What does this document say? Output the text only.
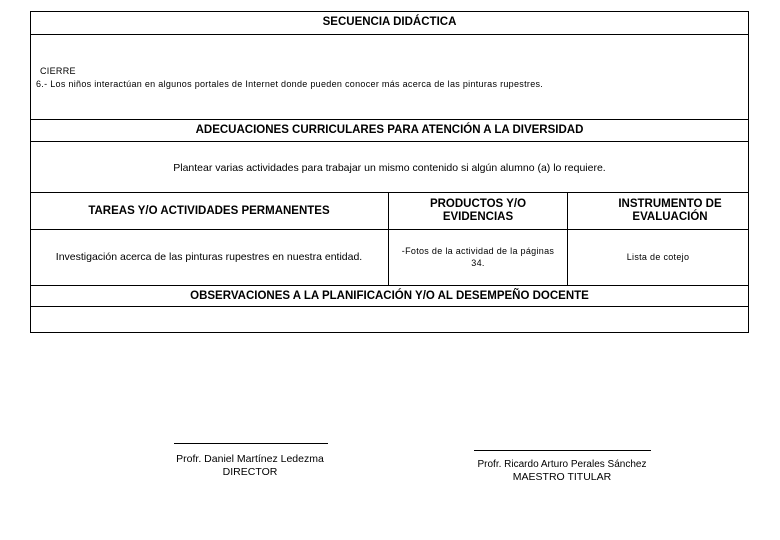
SECUENCIA DIDÁCTICA
CIERRE
6.- Los niños interactúan en algunos portales de Internet donde pueden conocer más acerca de las pinturas rupestres.
ADECUACIONES CURRICULARES PARA ATENCIÓN A LA DIVERSIDAD
Plantear varias actividades para trabajar un mismo contenido si algún alumno (a) lo requiere.
TAREAS Y/O ACTIVIDADES PERMANENTES
PRODUCTOS Y/O EVIDENCIAS
INSTRUMENTO DE EVALUACIÓN
Investigación acerca de las pinturas rupestres en nuestra entidad.	-Fotos de la actividad de la páginas 34.
Lista de cotejo
OBSERVACIONES A LA PLANIFICACIÓN Y/O AL DESEMPEÑO DOCENTE
Profr. Daniel Martínez Ledezma
DIRECTOR
Profr. Ricardo Arturo Perales Sánchez
MAESTRO TITULAR
